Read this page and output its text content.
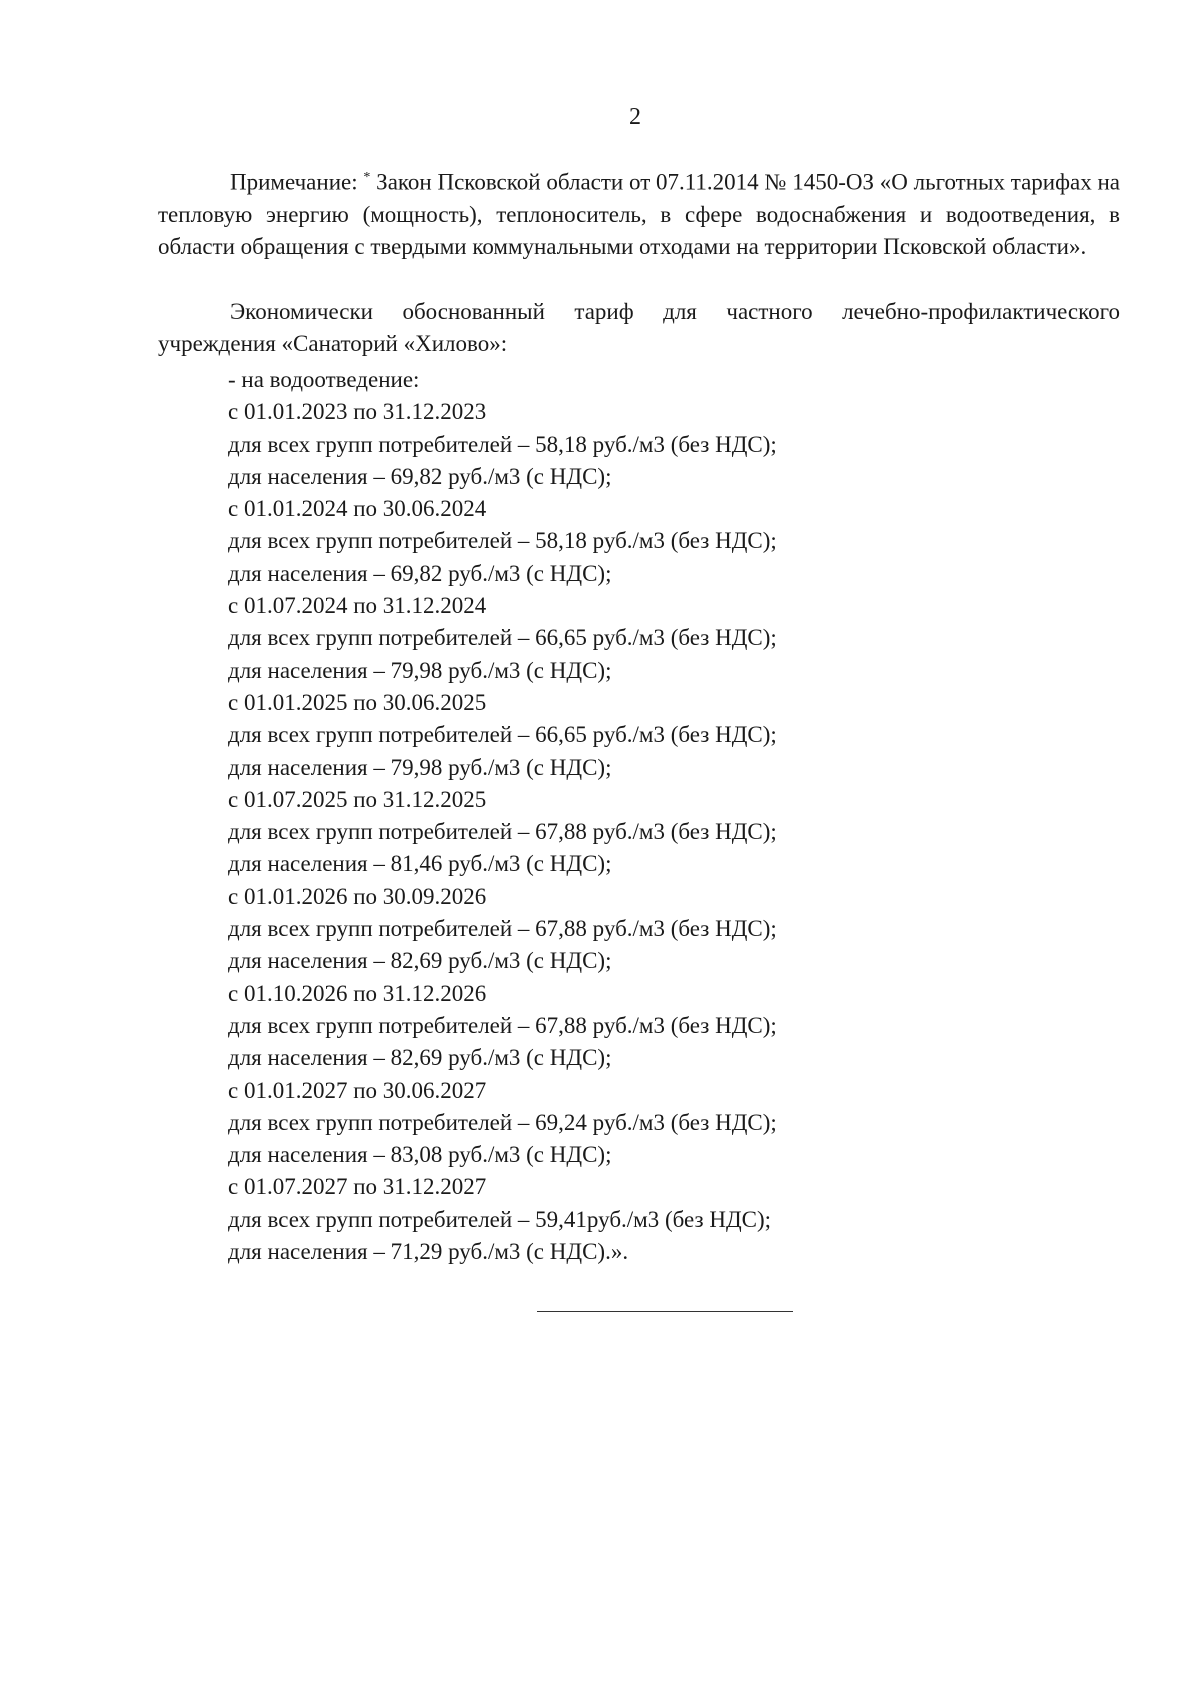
2
Примечание: * Закон Псковской области от 07.11.2014 № 1450-ОЗ «О льготных тарифах на тепловую энергию (мощность), теплоноситель, в сфере водоснабжения и водоотведения, в области обращения с твердыми коммунальными отходами на территории Псковской области».
Экономически обоснованный тариф для частного лечебно-профилактического учреждения «Санаторий «Хилово»:
- на водоотведение:
с 01.01.2023 по 31.12.2023
для всех групп потребителей – 58,18 руб./м3 (без НДС);
для населения – 69,82 руб./м3 (с НДС);
с 01.01.2024 по 30.06.2024
для всех групп потребителей – 58,18 руб./м3 (без НДС);
для населения – 69,82 руб./м3 (с НДС);
с 01.07.2024 по 31.12.2024
для всех групп потребителей – 66,65 руб./м3 (без НДС);
для населения – 79,98 руб./м3 (с НДС);
с 01.01.2025 по 30.06.2025
для всех групп потребителей – 66,65 руб./м3 (без НДС);
для населения – 79,98 руб./м3 (с НДС);
с 01.07.2025 по 31.12.2025
для всех групп потребителей – 67,88 руб./м3 (без НДС);
для населения – 81,46 руб./м3 (с НДС);
с 01.01.2026 по 30.09.2026
для всех групп потребителей – 67,88 руб./м3 (без НДС);
для населения – 82,69 руб./м3 (с НДС);
с 01.10.2026 по 31.12.2026
для всех групп потребителей – 67,88 руб./м3 (без НДС);
для населения – 82,69 руб./м3 (с НДС);
с 01.01.2027 по 30.06.2027
для всех групп потребителей – 69,24 руб./м3 (без НДС);
для населения – 83,08 руб./м3 (с НДС);
с 01.07.2027 по 31.12.2027
для всех групп потребителей – 59,41руб./м3 (без НДС);
для населения – 71,29 руб./м3 (с НДС).».
